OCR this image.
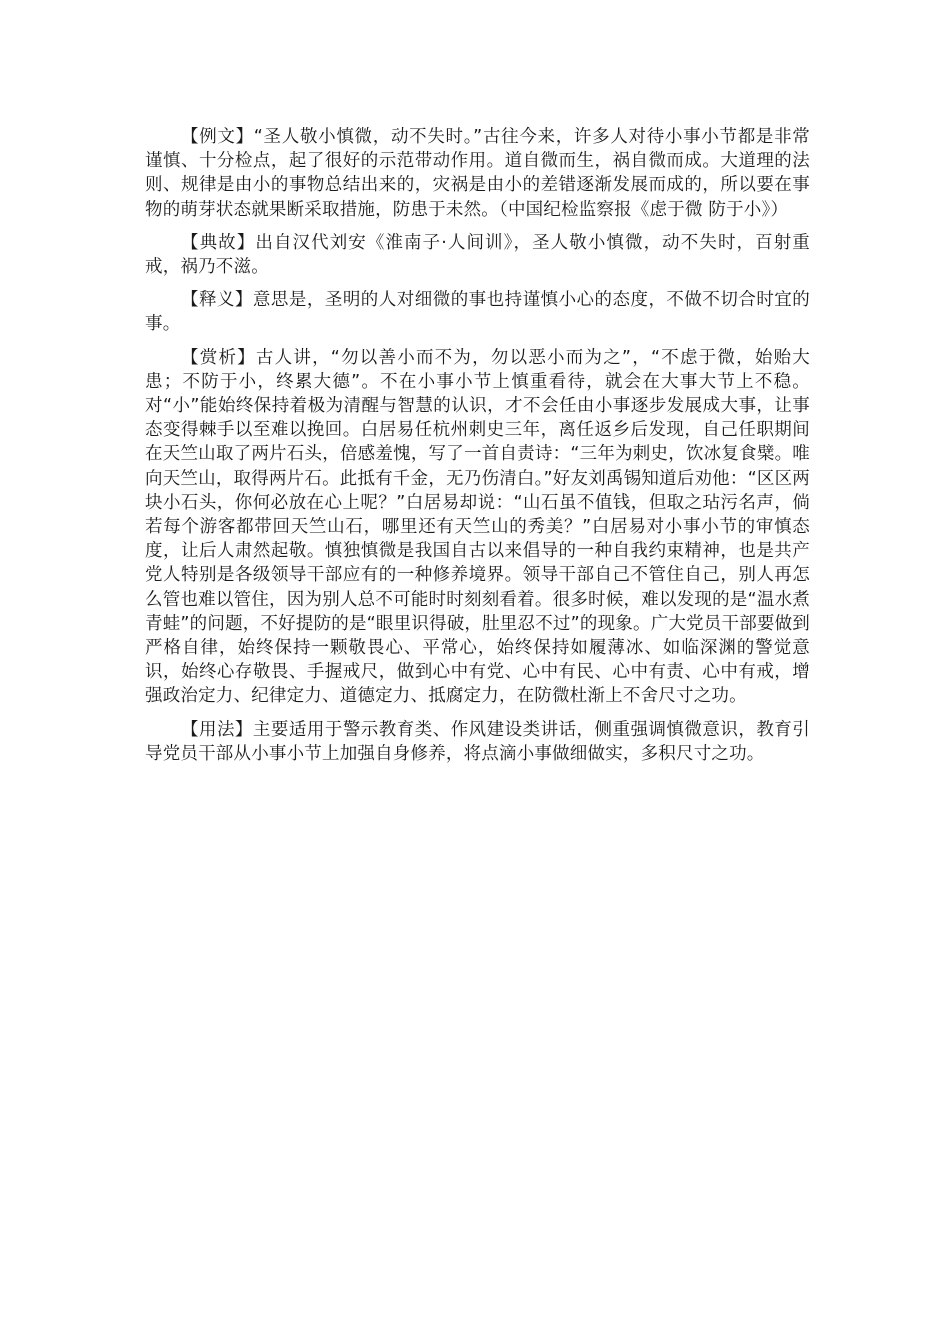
【例文】“圣人敬小慎微，动不失时。”古往今来，许多人对待小事小节都是非常谨慎、十分检点，起了很好的示范带动作用。道自微而生，祸自微而成。大道理的法则、规律是由小的事物总结出来的，灾祸是由小的差错逐渐发展而成的，所以要在事物的萌芽状态就果断采取措施，防患于未然。（中国纪检监察报《虑于微 防于小》）

【典故】出自汉代刘安《淮南子·人间训》，圣人敬小慎微，动不失时，百射重戒，祸乃不滋。

【释义】意思是，圣明的人对细微的事也持谨慎小心的态度，不做不切合时宜的事。

【赏析】古人讲，“勿以善小而不为，勿以恶小而为之”，“不虑于微，始贻大患；不防于小，终累大德”。不在小事小节上慎重看待，就会在大事大节上不稳。对“小”能始终保持着极为清醒与智慧的认识，才不会任由小事逐步发展成大事，让事态变得棘手以至难以挽回。白居易任杭州刺史三年，离任返乡后发现，自己任职期间在天竺山取了两片石头，倍感羞愧，写了一首自责诗：“三年为刺史，饮冰复食檗。唯向天竺山，取得两片石。此抵有千金，无乃伤清白。”好友刘禹锡知道后劝他：“区区两块小石头，你何必放在心上呢？”白居易却说：“山石虽不值钱，但取之玷污名声，倘若每个游客都带回天竺山石，哪里还有天竺山的秀美？”白居易对小事小节的审慎态度，让后人肃然起敬。慎独慎微是我国自古以来倡导的一种自我约束精神，也是共产党人特别是各级领导干部应有的一种修养境界。领导干部自己不管住自己，别人再怎么管也难以管住，因为别人总不可能时时刻刻看着。很多时候，难以发现的是“温水煮青蛙”的问题，不好提防的是“眼里识得破，肚里忍不过”的现象。广大党员干部要做到严格自律，始终保持一颗敬畏心、平常心，始终保持如履薄冰、如临深渊的警觉意识，始终心存敬畏、手握戒尺，做到心中有党、心中有民、心中有责、心中有戒，增强政治定力、纪律定力、道德定力、抵腐定力，在防微杜渐上不舍尺寸之功。

【用法】主要适用于警示教育类、作风建设类讲话，侧重强调慎微意识，教育引导党员干部从小事小节上加强自身修养，将点滴小事做细做实，多积尺寸之功。
